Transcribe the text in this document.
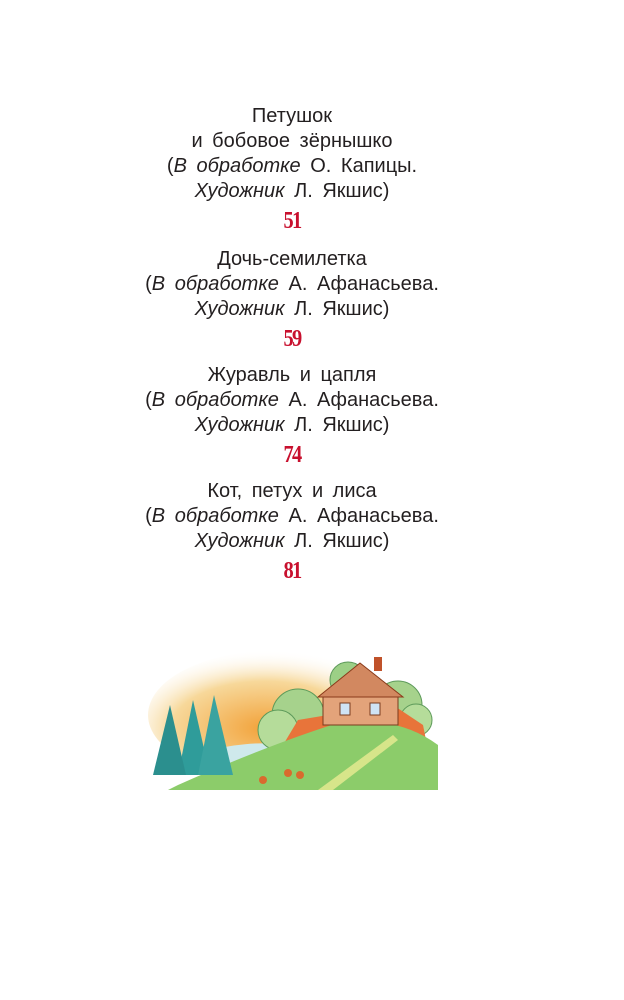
Петушок
и бобовое зёрнышко
(В обработке О. Капицы.
Художник Л. Якшис)
51
Дочь-семилетка
(В обработке А. Афанасьева.
Художник Л. Якшис)
59
Журавль и цапля
(В обработке А. Афанасьева.
Художник Л. Якшис)
74
Кот, петух и лиса
(В обработке А. Афанасьева.
Художник Л. Якшис)
81
